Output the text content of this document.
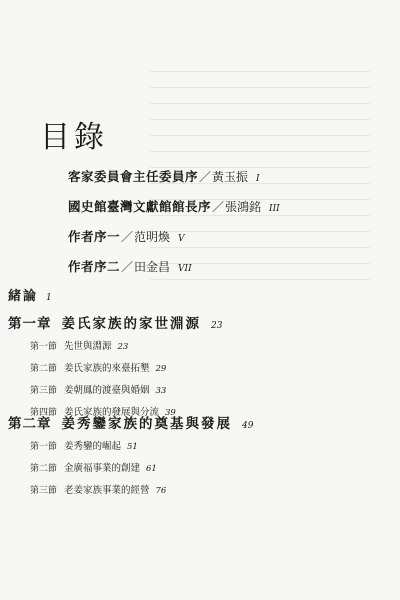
目錄
客家委員會主任委員序 ／ 黃玉振 I
國史館臺灣文獻館館長序 ／ 張鴻銘 III
作者序一 ／ 范明煥 V
作者序二 ／ 田金昌 VII
緒論 1
第一章 姜氏家族的家世淵源 23
第一節 先世與淵源 23
第二節 姜氏家族的來臺拓墾 29
第三節 姜朝鳳的渡臺與婚姻 33
第四節 姜氏家族的發展與分流 39
第二章 姜秀鑾家族的奠基與發展 49
第一節 姜秀鑾的崛起 51
第二節 金廣福事業的創建 61
第三節 老姜家族事業的經營 76
